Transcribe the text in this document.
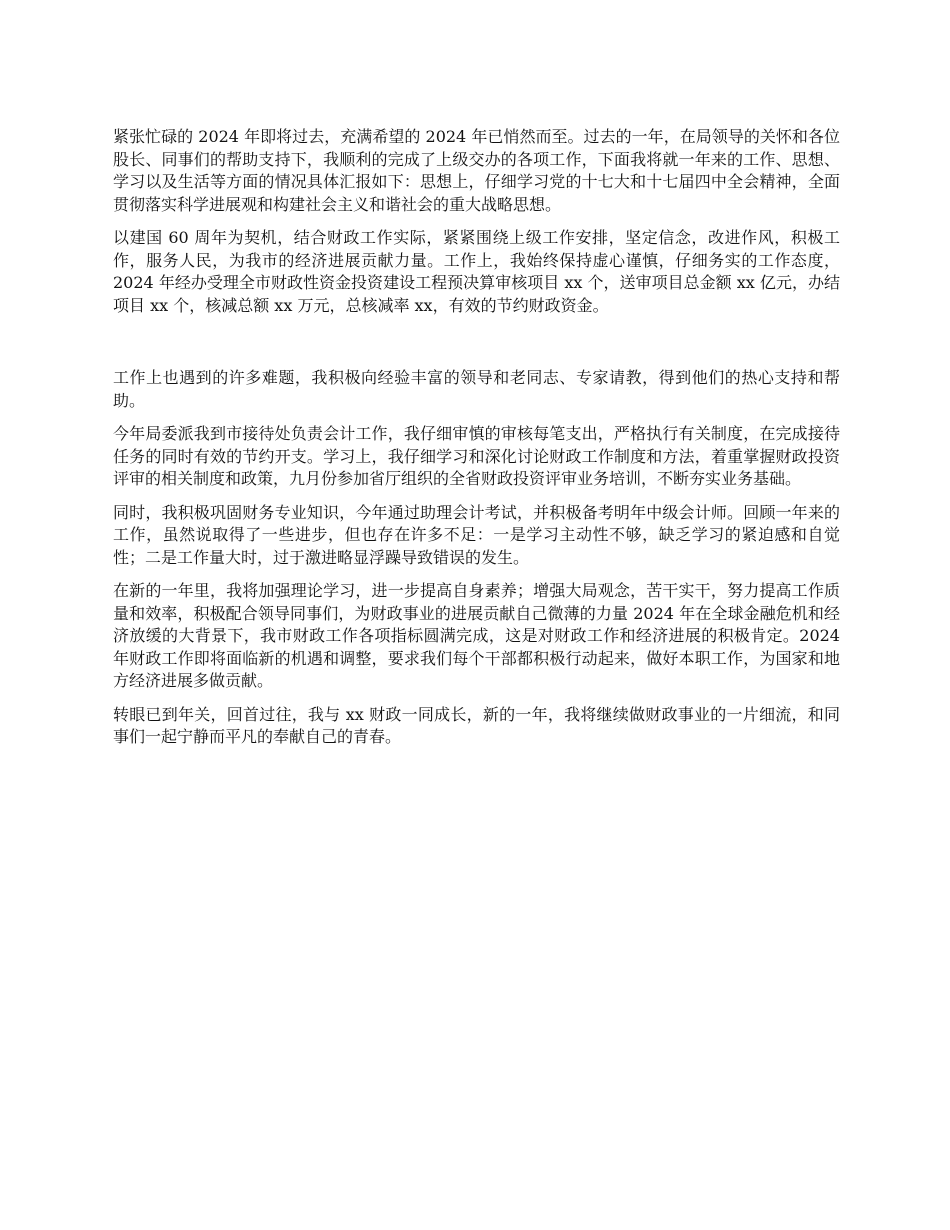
紧张忙碌的 2024 年即将过去，充满希望的 2024 年已悄然而至。过去的一年，在局领导的关怀和各位股长、同事们的帮助支持下，我顺利的完成了上级交办的各项工作，下面我将就一年来的工作、思想、学习以及生活等方面的情况具体汇报如下：思想上，仔细学习党的十七大和十七届四中全会精神，全面贯彻落实科学进展观和构建社会主义和谐社会的重大战略思想。

以建国 60 周年为契机，结合财政工作实际，紧紧围绕上级工作安排，坚定信念，改进作风，积极工作，服务人民，为我市的经济进展贡献力量。工作上，我始终保持虚心谨慎，仔细务实的工作态度，2024 年经办受理全市财政性资金投资建设工程预决算审核项目 xx 个，送审项目总金额 xx 亿元，办结项目 xx 个，核减总额 xx 万元，总核减率 xx，有效的节约财政资金。

工作上也遇到的许多难题，我积极向经验丰富的领导和老同志、专家请教，得到他们的热心支持和帮助。

今年局委派我到市接待处负责会计工作，我仔细审慎的审核每笔支出，严格执行有关制度，在完成接待任务的同时有效的节约开支。学习上，我仔细学习和深化讨论财政工作制度和方法，着重掌握财政投资评审的相关制度和政策，九月份参加省厅组织的全省财政投资评审业务培训，不断夯实业务基础。

同时，我积极巩固财务专业知识，今年通过助理会计考试，并积极备考明年中级会计师。回顾一年来的工作，虽然说取得了一些进步，但也存在许多不足：一是学习主动性不够，缺乏学习的紧迫感和自觉性；二是工作量大时，过于激进略显浮躁导致错误的发生。

在新的一年里，我将加强理论学习，进一步提高自身素养；增强大局观念，苦干实干，努力提高工作质量和效率，积极配合领导同事们，为财政事业的进展贡献自己微薄的力量 2024 年在全球金融危机和经济放缓的大背景下，我市财政工作各项指标圆满完成，这是对财政工作和经济进展的积极肯定。2024 年财政工作即将面临新的机遇和调整，要求我们每个干部都积极行动起来，做好本职工作，为国家和地方经济进展多做贡献。

转眼已到年关，回首过往，我与 xx 财政一同成长，新的一年，我将继续做财政事业的一片细流，和同事们一起宁静而平凡的奉献自己的青春。
